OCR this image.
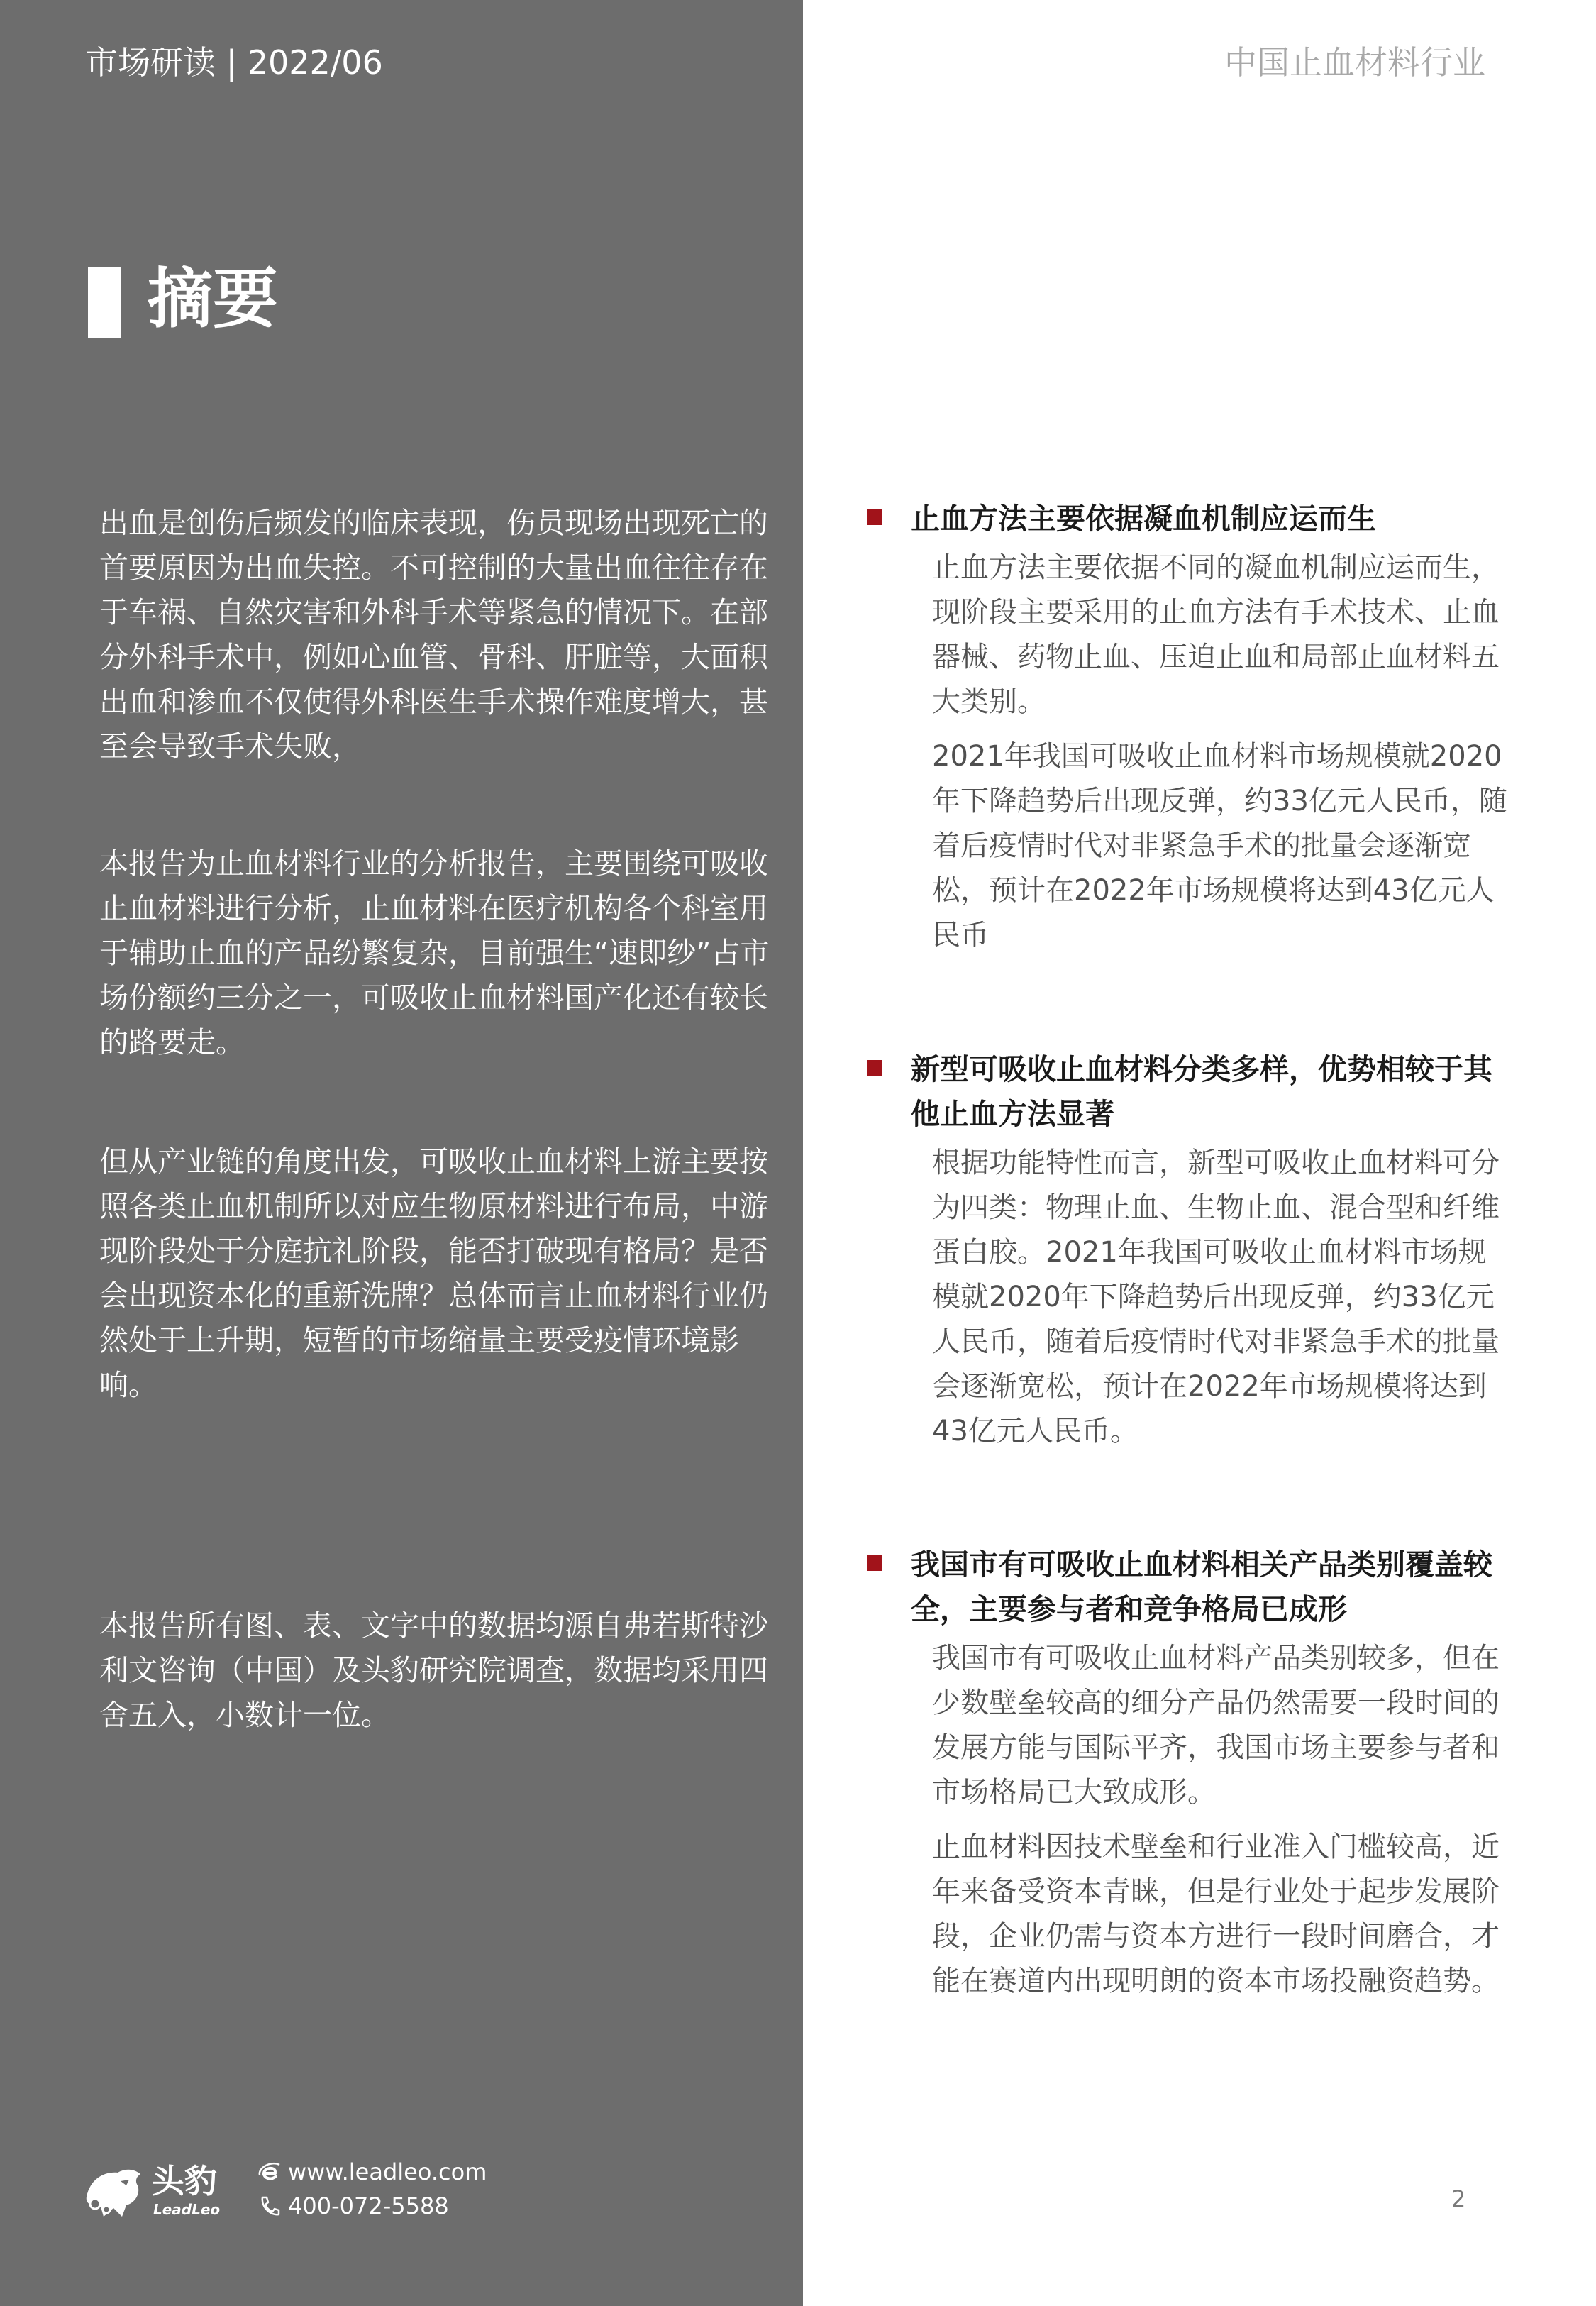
市场研读 | 2022/06	中国止血材料行业
摘要

出血是创伤后频发的临床表现，伤员现场出现死亡的首要原因为出血失控。不可控制的大量出血往往存在于车祸、自然灾害和外科手术等紧急的情况下。在部分外科手术中，例如心血管、骨科、肝脏等，大面积出血和渗血不仅使得外科医生手术操作难度增大，甚至会导致手术失败，

本报告为止血材料行业的分析报告，主要围绕可吸收止血材料进行分析，止血材料在医疗机构各个科室用于辅助止血的产品纷繁复杂，目前强生“速即纱”占市场份额约三分之一，可吸收止血材料国产化还有较长的路要走。

但从产业链的角度出发，可吸收止血材料上游主要按照各类止血机制所以对应生物原材料进行布局，中游现阶段处于分庭抗礼阶段，能否打破现有格局？是否会出现资本化的重新洗牌？总体而言止血材料行业仍然处于上升期，短暂的市场缩量主要受疫情环境影响。

本报告所有图、表、文字中的数据均源自弗若斯特沙利文咨询（中国）及头豹研究院调查，数据均采用四舍五入，小数计一位。

止血方法主要依据凝血机制应运而生

止血方法主要依据不同的凝血机制应运而生，现阶段主要采用的止血方法有手术技术、止血器械、药物止血、压迫止血和局部止血材料五大类别。

2021年我国可吸收止血材料市场规模就2020年下降趋势后出现反弹，约33亿元人民币，随着后疫情时代对非紧急手术的批量会逐渐宽松，预计在2022年市场规模将达到43亿元人民币

新型可吸收止血材料分类多样，优势相较于其他止血方法显著

根据功能特性而言，新型可吸收止血材料可分为四类：物理止血、生物止血、混合型和纤维蛋白胶。2021年我国可吸收止血材料市场规模就2020年下降趋势后出现反弹，约33亿元人民币，随着后疫情时代对非紧急手术的批量会逐渐宽松，预计在2022年市场规模将达到43亿元人民币。

我国市有可吸收止血材料相关产品类别覆盖较全，主要参与者和竞争格局已成形

我国市有可吸收止血材料产品类别较多，但在少数壁垒较高的细分产品仍然需要一段时间的发展方能与国际平齐，我国市场主要参与者和市场格局已大致成形。

止血材料因技术壁垒和行业准入门槛较高，近年来备受资本青睐，但是行业处于起步发展阶段，企业仍需与资本方进行一段时间磨合，才能在赛道内出现明朗的资本市场投融资趋势。

头豹
LeadLeo
www.leadleo.com
400-072-5588	2
